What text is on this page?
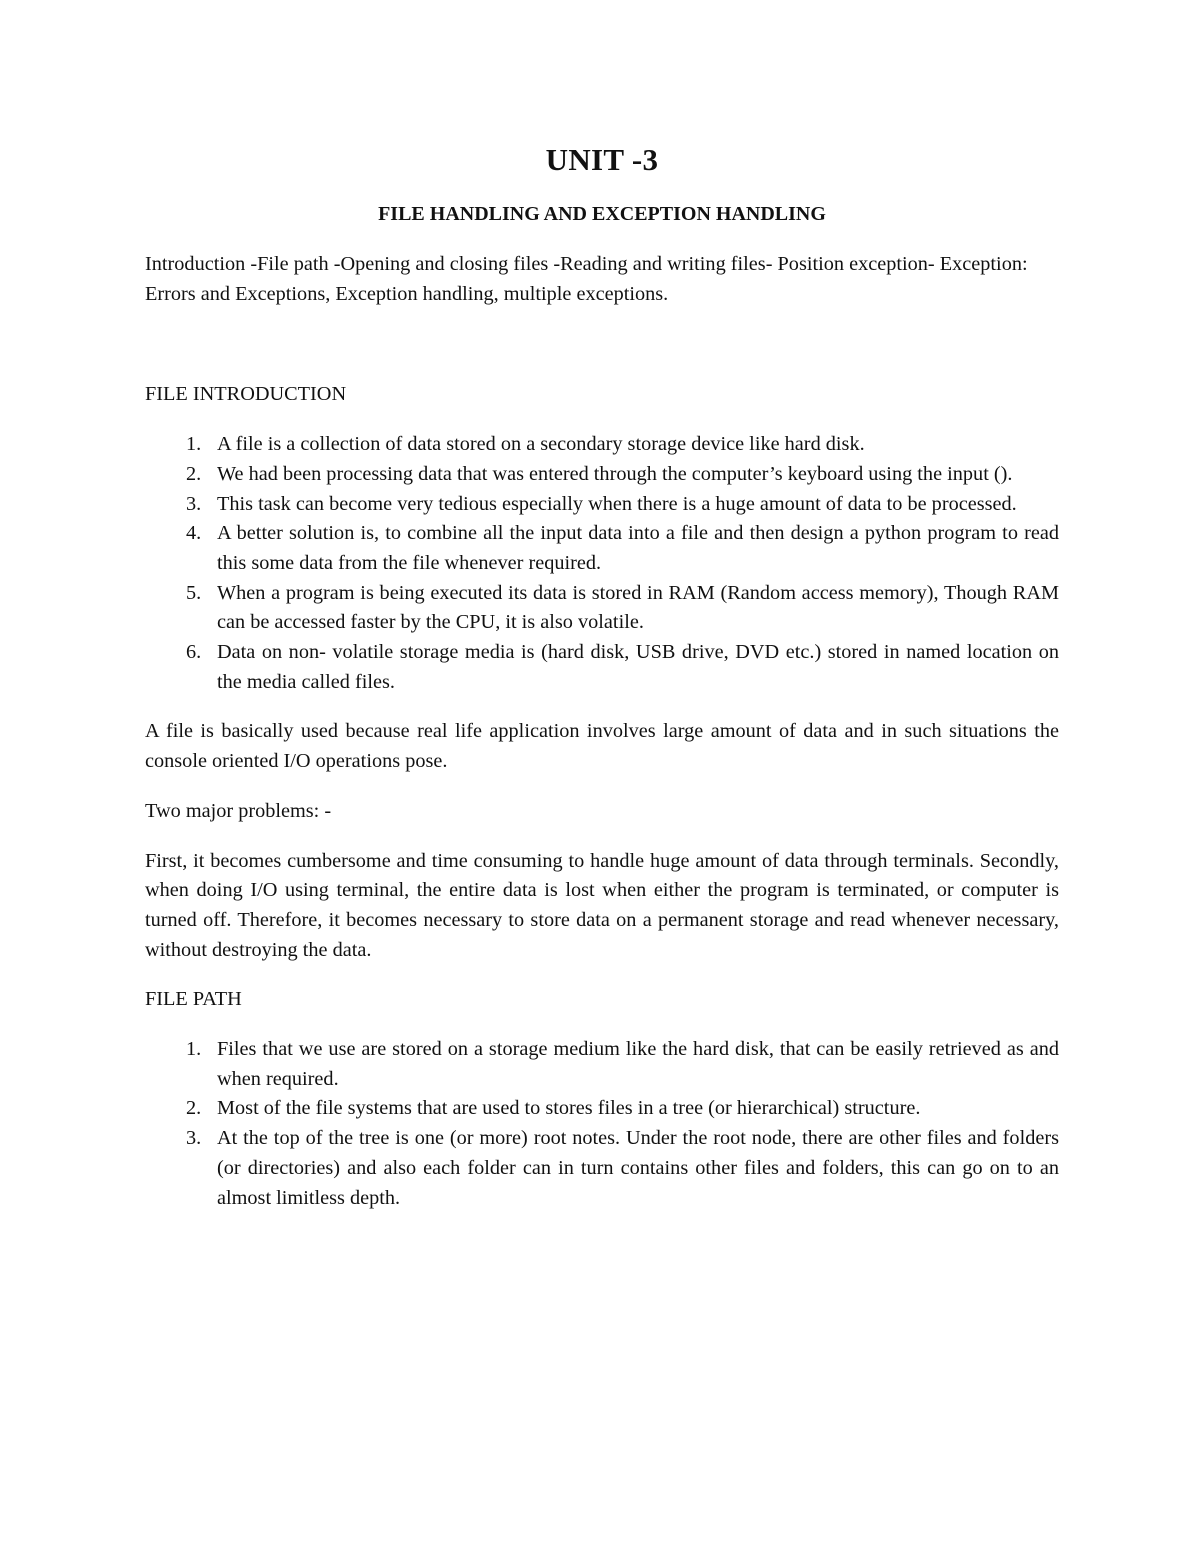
UNIT -3
FILE HANDLING AND EXCEPTION HANDLING

Introduction -File path -Opening and closing files -Reading and writing files- Position exception- Exception: Errors and Exceptions, Exception handling, multiple exceptions.

FILE INTRODUCTION

1. A file is a collection of data stored on a secondary storage device like hard disk.
2. We had been processing data that was entered through the computer’s keyboard using the input ().
3. This task can become very tedious especially when there is a huge amount of data to be processed.
4. A better solution is, to combine all the input data into a file and then design a python program to read this some data from the file whenever required.
5. When a program is being executed its data is stored in RAM (Random access memory), Though RAM can be accessed faster by the CPU, it is also volatile.
6. Data on non- volatile storage media is (hard disk, USB drive, DVD etc.) stored in named location on the media called files.

A file is basically used because real life application involves large amount of data and in such situations the console oriented I/O operations pose.

Two major problems: -

First, it becomes cumbersome and time consuming to handle huge amount of data through terminals. Secondly, when doing I/O using terminal, the entire data is lost when either the program is terminated, or computer is turned off. Therefore, it becomes necessary to store data on a permanent storage and read whenever necessary, without destroying the data.

FILE PATH

1. Files that we use are stored on a storage medium like the hard disk, that can be easily retrieved as and when required.
2. Most of the file systems that are used to stores files in a tree (or hierarchical) structure.
3. At the top of the tree is one (or more) root notes. Under the root node, there are other files and folders (or directories) and also each folder can in turn contains other files and folders, this can go on to an almost limitless depth.
